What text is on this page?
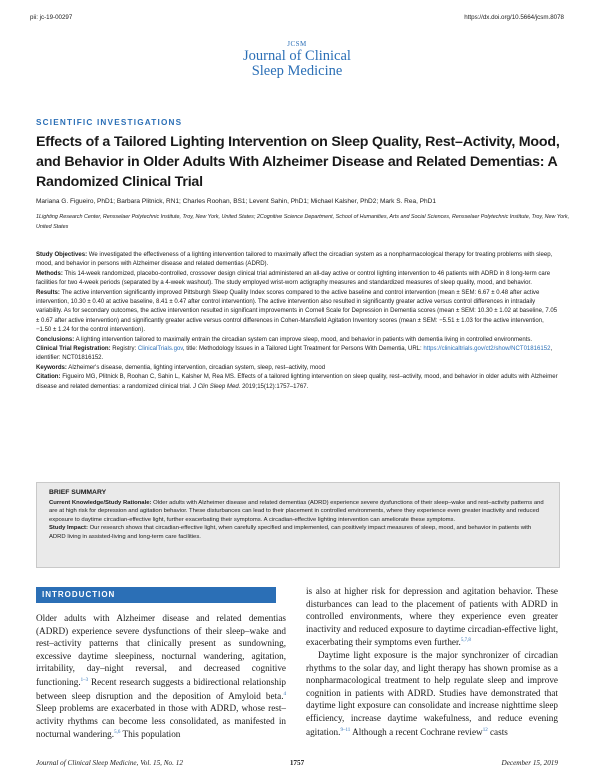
pii: jc-19-00297	https://dx.doi.org/10.5664/jcsm.8078
JCSM
Journal of Clinical
Sleep Medicine
SCIENTIFIC INVESTIGATIONS
Effects of a Tailored Lighting Intervention on Sleep Quality, Rest–Activity, Mood, and Behavior in Older Adults With Alzheimer Disease and Related Dementias: A Randomized Clinical Trial
Mariana G. Figueiro, PhD1; Barbara Plitnick, RN1; Charles Roohan, BS1; Levent Sahin, PhD1; Michael Kalsher, PhD2; Mark S. Rea, PhD1
1Lighting Research Center, Rensselaer Polytechnic Institute, Troy, New York, United States; 2Cognitive Science Department, School of Humanities, Arts and Social Sciences, Rensselaer Polytechnic Institute, Troy, New York, United States

Study Objectives: We investigated the effectiveness of a lighting intervention tailored to maximally affect the circadian system as a nonpharmacological therapy for treating problems with sleep, mood, and behavior in persons with Alzheimer disease and related dementias (ADRD).

Methods: This 14-week randomized, placebo-controlled, crossover design clinical trial administered an all-day active or control lighting intervention to 46 patients with ADRD in 8 long-term care facilities for two 4-week periods (separated by a 4-week washout). The study employed wrist-worn actigraphy measures and standardized measures of sleep quality, mood, and behavior.

Results: The active intervention significantly improved Pittsburgh Sleep Quality Index scores compared to the active baseline and control intervention (mean ± SEM: 6.67 ± 0.48 after active intervention, 10.30 ± 0.40 at active baseline, 8.41 ± 0.47 after control intervention). The active intervention also resulted in significantly greater active versus control differences in intradaily variability. As for secondary outcomes, the active intervention resulted in significant improvements in Cornell Scale for Depression in Dementia scores (mean ± SEM: 10.30 ± 1.02 at baseline, 7.05 ± 0.67 after active intervention) and significantly greater active versus control differences in Cohen-Mansfield Agitation Inventory scores (mean ± SEM: −5.51 ± 1.03 for the active intervention, −1.50 ± 1.24 for the control intervention).

Conclusions: A lighting intervention tailored to maximally entrain the circadian system can improve sleep, mood, and behavior in patients with dementia living in controlled environments.

Clinical Trial Registration: Registry: ClinicalTrials.gov, title: Methodology Issues in a Tailored Light Treatment for Persons With Dementia, URL: https://clinicaltrials.gov/ct2/show/NCT01816152, identifier: NCT01816152.

Keywords: Alzheimer's disease, dementia, lighting intervention, circadian system, sleep, rest–activity, mood

Citation: Figueiro MG, Plitnick B, Roohan C, Sahin L, Kalsher M, Rea MS. Effects of a tailored lighting intervention on sleep quality, rest–activity, mood, and behavior in older adults with Alzheimer disease and related dementias: a randomized clinical trial. J Clin Sleep Med. 2019;15(12):1757–1767.

BRIEF SUMMARY

Current Knowledge/Study Rationale: Older adults with Alzheimer disease and related dementias (ADRD) experience severe dysfunctions of their sleep–wake and rest–activity patterns and are at high risk for depression and agitation behavior. These disturbances can lead to their placement in controlled environments, where they experience even greater inactivity and reduced exposure to daytime circadian-effective light, further exacerbating their symptoms. A circadian-effective lighting intervention can ameliorate these symptoms.

Study Impact: Our research shows that circadian-effective light, when carefully specified and implemented, can positively impact measures of sleep, mood, and behavior in patients with ADRD living in assisted-living and long-term care facilities.

INTRODUCTION

Older adults with Alzheimer disease and related dementias (ADRD) experience severe dysfunctions of their sleep–wake and rest–activity patterns that clinically present as sundowning, excessive daytime sleepiness, nocturnal wandering, agitation, irritability, day–night reversal, and decreased cognitive functioning.$^{1-3}$ Recent research suggests a bidirectional relationship between sleep disruption and the deposition of Amyloid beta.$^4$ Sleep problems are exacerbated in those with ADRD, whose rest–activity rhythms can become less consolidated, as manifested in nocturnal wandering.$^{5,6}$ This population

is also at higher risk for depression and agitation behavior. These disturbances can lead to the placement of patients with ADRD in controlled environments, where they experience even greater inactivity and reduced exposure to daytime circadian-effective light, exacerbating their symptoms even further.$^{5,7,8}$

Daytime light exposure is the major synchronizer of circadian rhythms to the solar day, and light therapy has shown promise as a nonpharmacological treatment to help regulate sleep and improve cognition in patients with ADRD. Studies have demonstrated that daytime light exposure can consolidate and increase nighttime sleep efficiency, increase daytime wakefulness, and reduce evening agitation.$^{9-11}$ Although a recent Cochrane review$^{12}$ casts

Journal of Clinical Sleep Medicine, Vol. 15, No. 12	1757	December 15, 2019
